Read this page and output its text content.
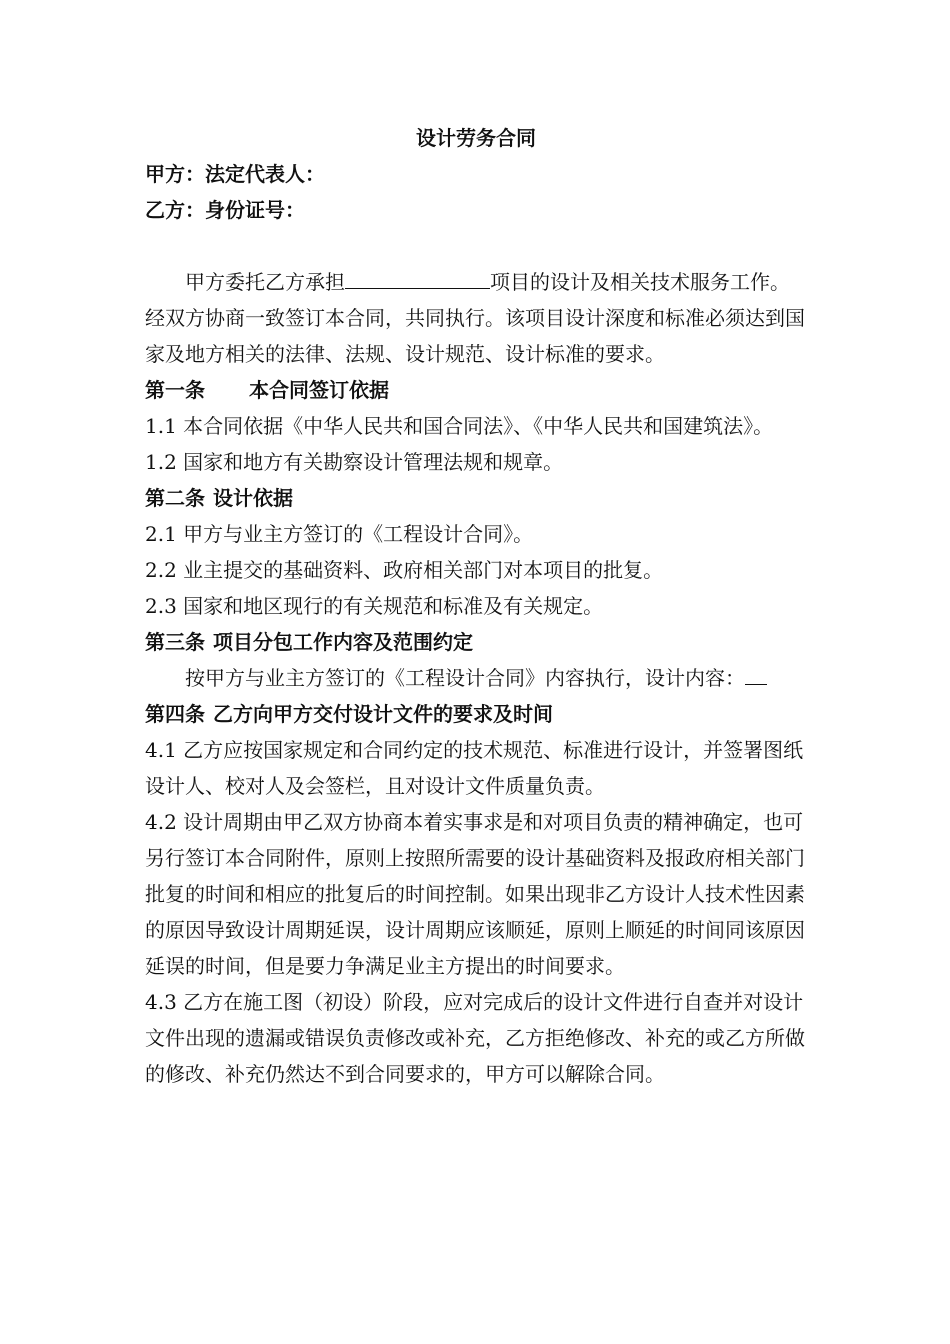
设计劳务合同

甲方：法定代表人：

乙方：身份证号：

甲方委托乙方承担	项目的设计及相关技术服务工作。经双方协商一致签订本合同，共同执行。该项目设计深度和标准必须达到国家及地方相关的法律、法规、设计规范、设计标准的要求。

第一条 本合同签订依据

1.1 本合同依据《中华人民共和国合同法》、《中华人民共和国建筑法》。

1.2 国家和地方有关勘察设计管理法规和规章。

第二条 设计依据

2.1 甲方与业主方签订的《工程设计合同》。

2.2 业主提交的基础资料、政府相关部门对本项目的批复。

2.3 国家和地区现行的有关规范和标准及有关规定。

第三条 项目分包工作内容及范围约定

按甲方与业主方签订的《工程设计合同》内容执行，设计内容：

第四条 乙方向甲方交付设计文件的要求及时间

4.1 乙方应按国家规定和合同约定的技术规范、标准进行设计，并签署图纸设计人、校对人及会签栏，且对设计文件质量负责。

4.2 设计周期由甲乙双方协商本着实事求是和对项目负责的精神确定，也可另行签订本合同附件，原则上按照所需要的设计基础资料及报政府相关部门批复的时间和相应的批复后的时间控制。如果出现非乙方设计人技术性因素的原因导致设计周期延误，设计周期应该顺延，原则上顺延的时间同该原因延误的时间，但是要力争满足业主方提出的时间要求。

4.3 乙方在施工图（初设）阶段，应对完成后的设计文件进行自查并对设计文件出现的遗漏或错误负责修改或补充，乙方拒绝修改、补充的或乙方所做的修改、补充仍然达不到合同要求的，甲方可以解除合同。
